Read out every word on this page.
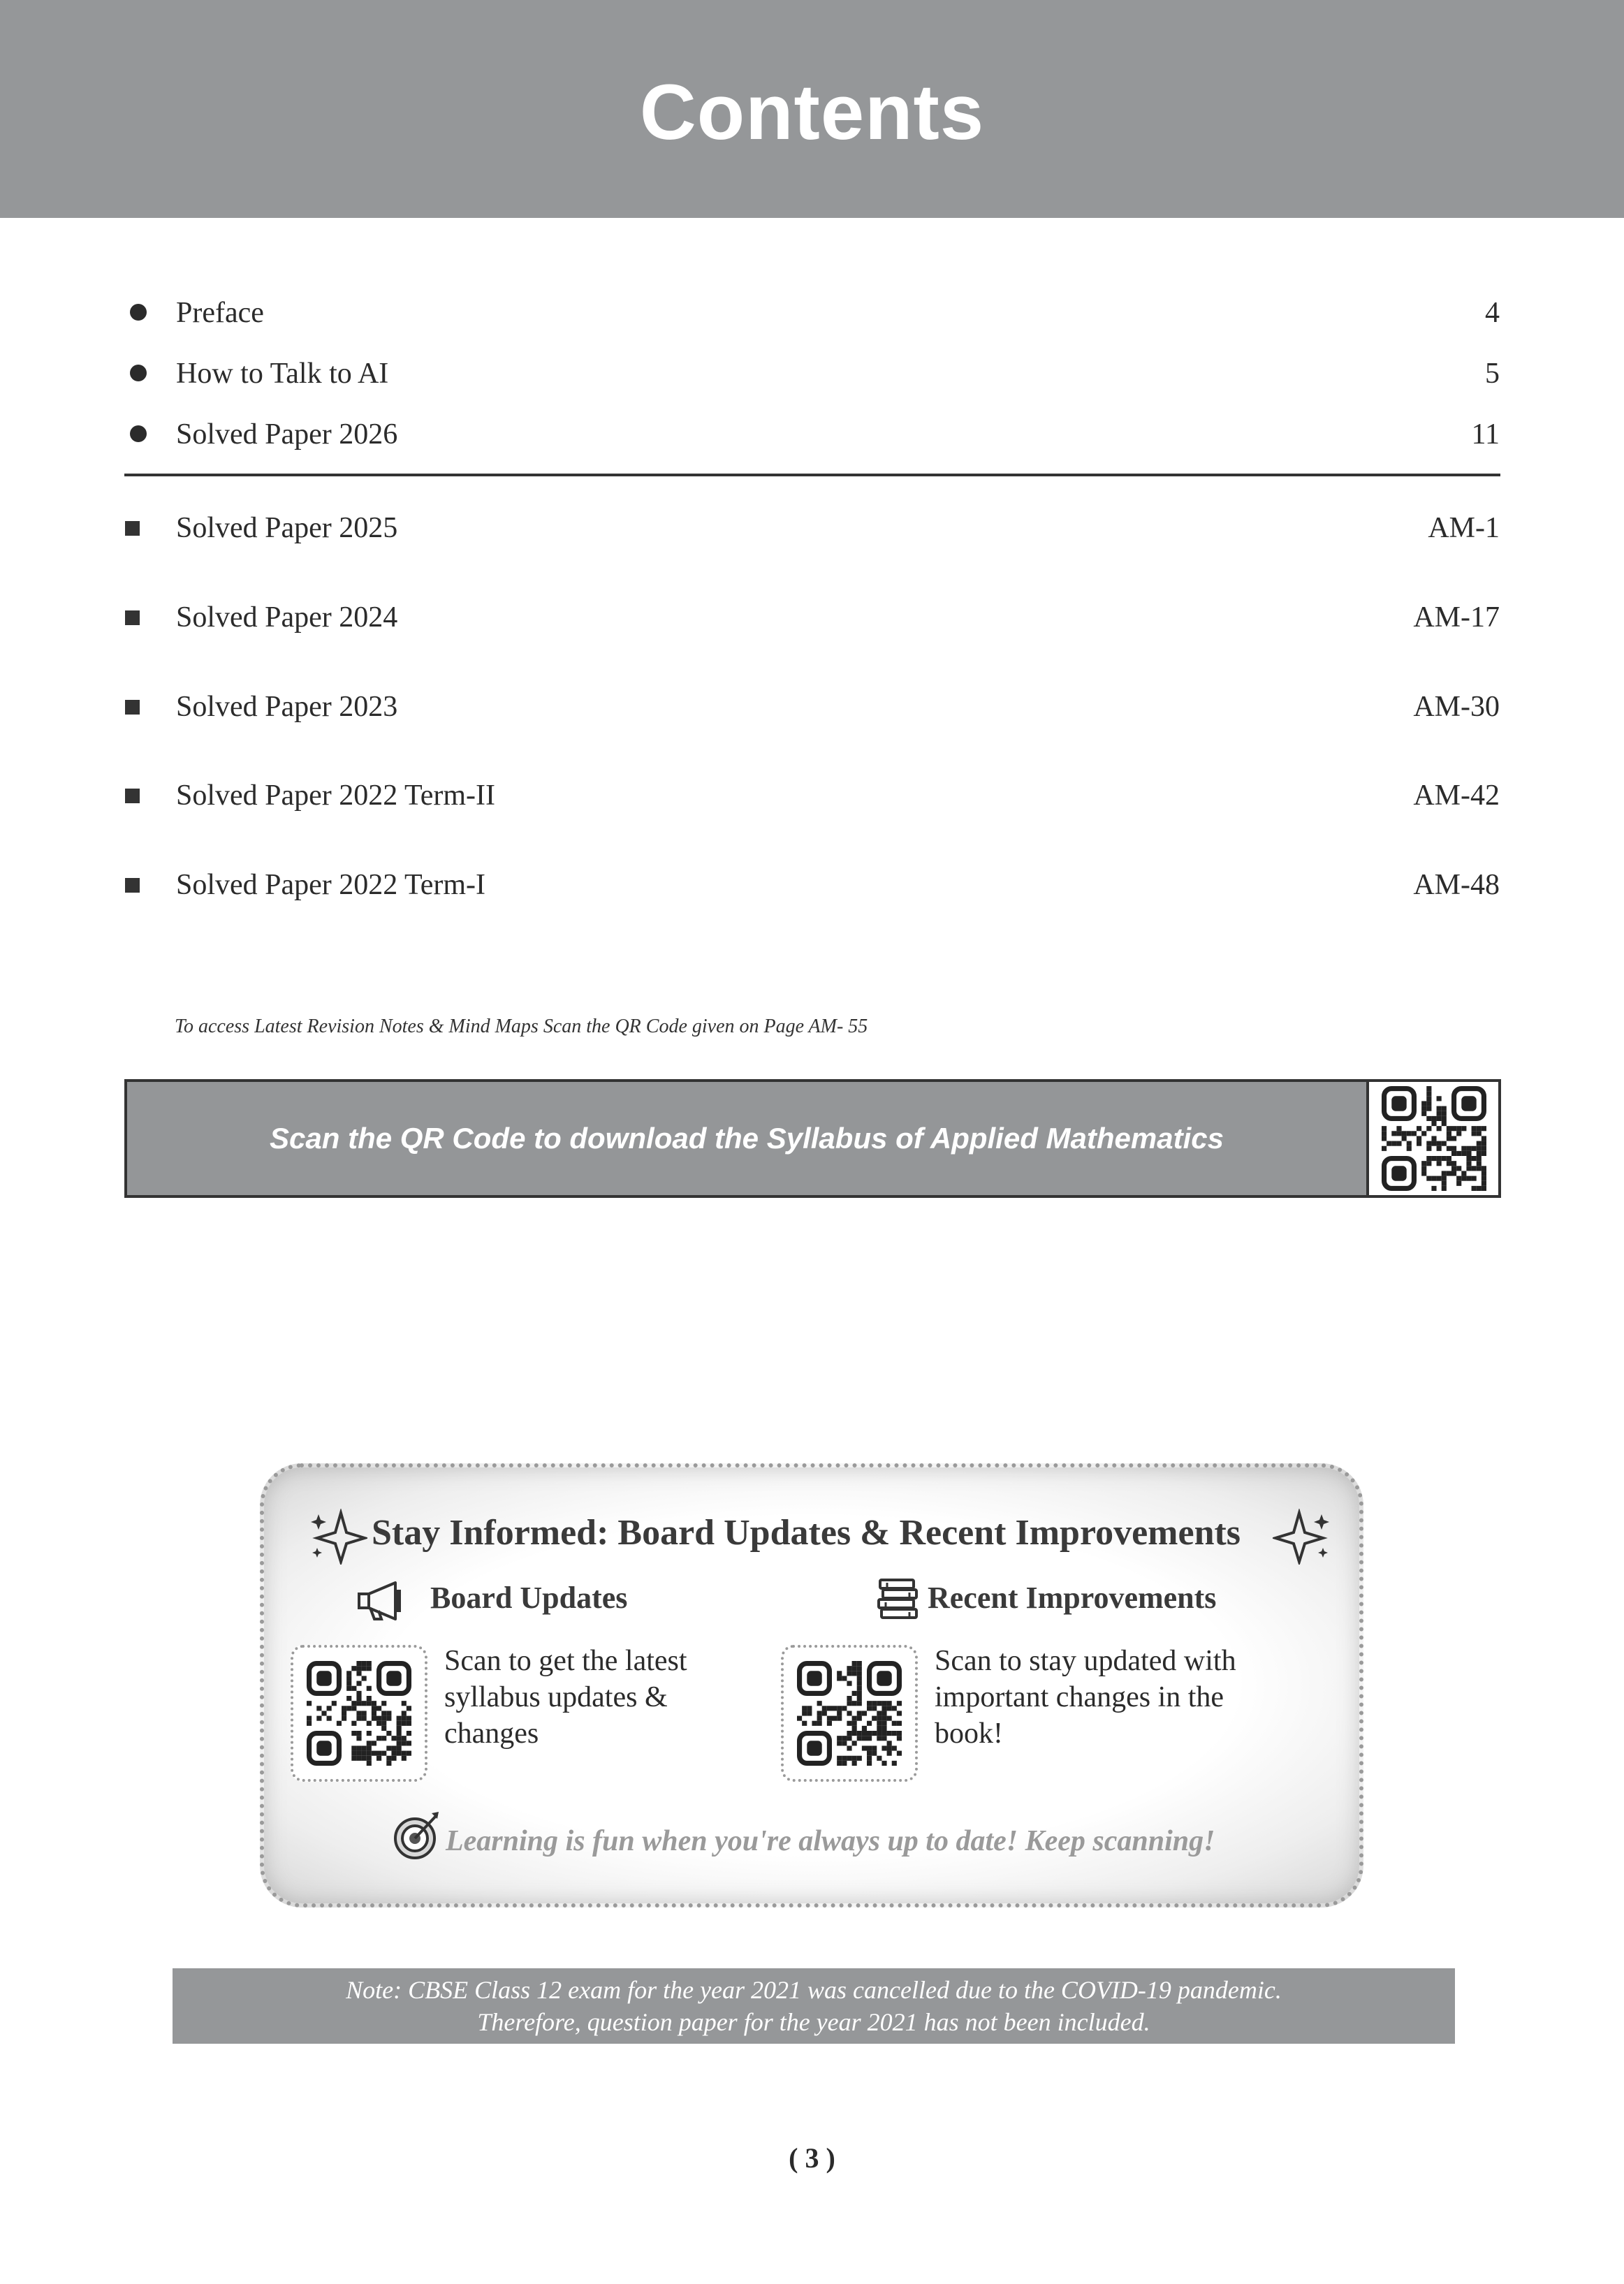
Contents
Preface	4
How to Talk to AI	5
Solved Paper 2026	11
Solved Paper 2025	AM-1
Solved Paper 2024	AM-17
Solved Paper 2023	AM-30
Solved Paper 2022 Term-II	AM-42
Solved Paper 2022 Term-I	AM-48
To access Latest Revision Notes & Mind Maps Scan the QR Code given on Page AM- 55
Scan the QR Code to download the Syllabus of Applied Mathematics
Stay Informed: Board Updates & Recent Improvements
Board Updates
Scan to get the latest
syllabus updates &
changes
Recent Improvements
Scan to stay updated with
important changes in the
book!
Learning is fun when you're always up to date! Keep scanning!
Note: CBSE Class 12 exam for the year 2021 was cancelled due to the COVID-19 pandemic.
Therefore, question paper for the year 2021 has not been included.
( 3 )
